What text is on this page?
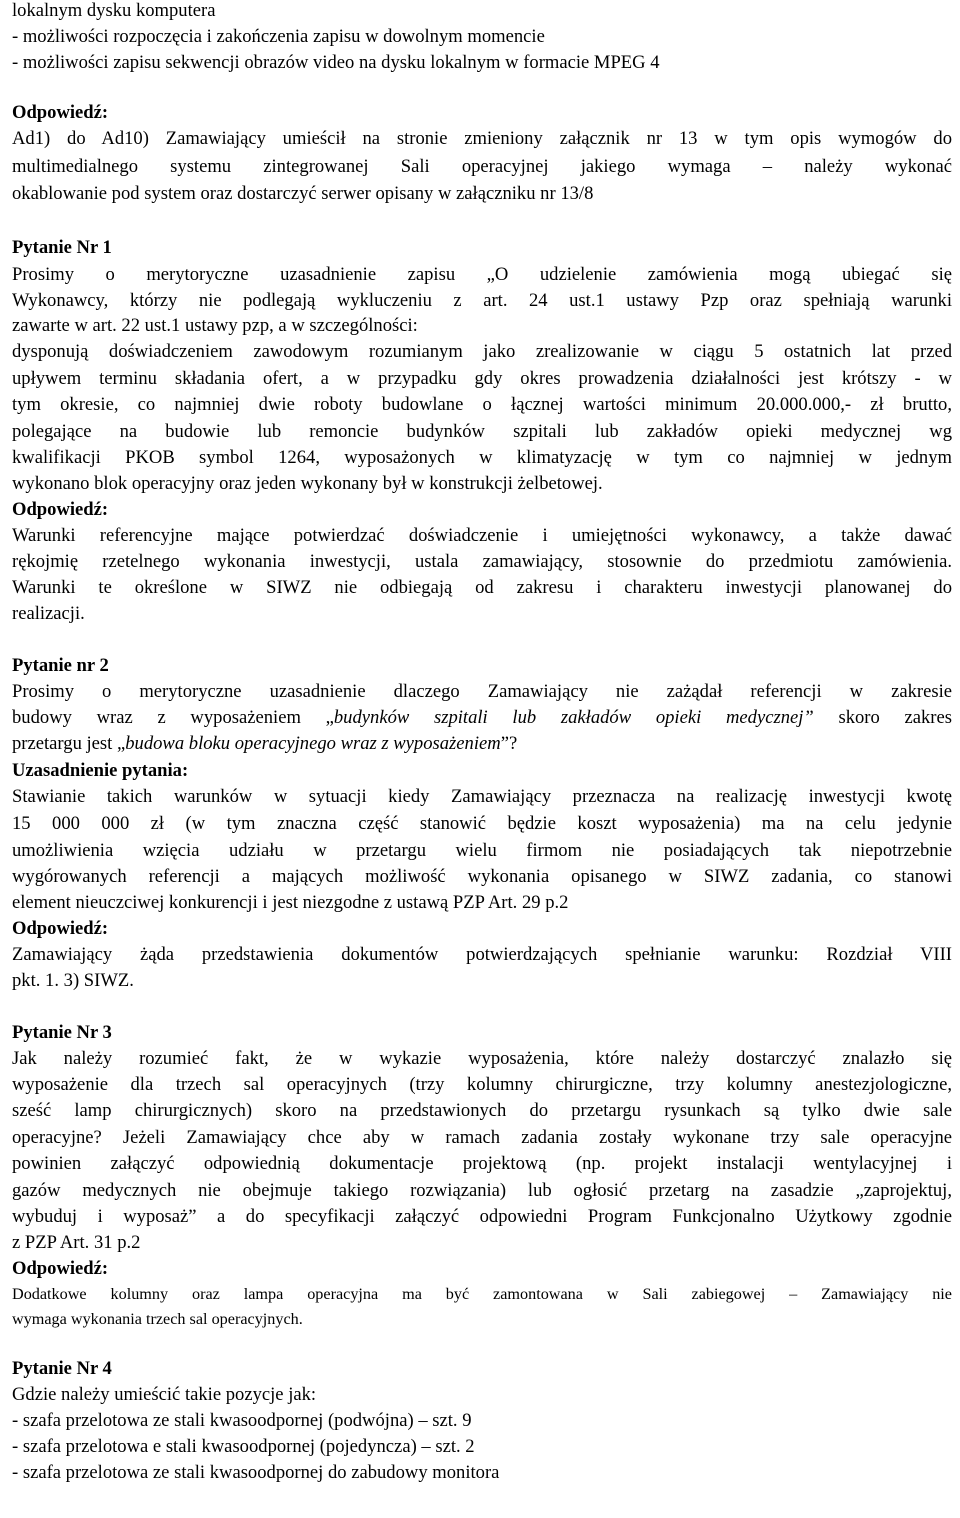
lokalnym dysku komputera
- możliwości rozpoczęcia i zakończenia zapisu w dowolnym momencie
- możliwości zapisu sekwencji obrazów video na dysku lokalnym w formacie MPEG 4
Odpowiedź:
Ad1) do Ad10) Zamawiający umieścił na stronie zmieniony załącznik nr 13 w tym opis wymogów do
multimedialnego systemu zintegrowanej Sali operacyjnej jakiego wymaga – należy wykonać
okablowanie pod system oraz dostarczyć serwer opisany w załączniku nr 13/8
Pytanie Nr 1
Prosimy o merytoryczne uzasadnienie zapisu „O udzielenie zamówienia mogą ubiegać się
Wykonawcy, którzy nie podlegają wykluczeniu z art. 24 ust.1 ustawy Pzp oraz spełniają warunki
zawarte w art. 22 ust.1 ustawy pzp, a w szczególności:
dysponują doświadczeniem zawodowym rozumianym jako zrealizowanie w ciągu 5 ostatnich lat przed
upływem terminu składania ofert, a w przypadku gdy okres prowadzenia działalności jest krótszy - w
tym okresie, co najmniej dwie roboty budowlane o łącznej wartości minimum 20.000.000,- zł brutto,
polegające na budowie lub remoncie budynków szpitali lub zakładów opieki medycznej wg
kwalifikacji PKOB symbol 1264, wyposażonych w klimatyzację w tym co najmniej w jednym
wykonano blok operacyjny oraz jeden wykonany był w konstrukcji żelbetowej.
Odpowiedź:
Warunki referencyjne mające potwierdzać doświadczenie i umiejętności wykonawcy, a także dawać
rękojmię rzetelnego wykonania inwestycji, ustala zamawiający, stosownie do przedmiotu zamówienia.
Warunki te określone w SIWZ nie odbiegają od zakresu i charakteru inwestycji planowanej do
realizacji.
Pytanie nr 2
Prosimy o merytoryczne uzasadnienie dlaczego Zamawiający nie zażądał referencji w zakresie
budowy wraz z wyposażeniem „budynków szpitali lub zakładów opieki medycznej” skoro zakres
przetargu jest „budowa bloku operacyjnego wraz z wyposażeniem”?
Uzasadnienie pytania:
Stawianie takich warunków w sytuacji kiedy Zamawiający przeznacza na realizację inwestycji kwotę
15 000 000 zł (w tym znaczna część stanowić będzie koszt wyposażenia) ma na celu jedynie
umożliwienia wzięcia udziału w przetargu wielu firmom nie posiadających tak niepotrzebnie
wygórowanych referencji a mających możliwość wykonania opisanego w SIWZ zadania, co stanowi
element nieuczciwej konkurencji i jest niezgodne z ustawą PZP Art. 29 p.2
Odpowiedź:
Zamawiający żąda przedstawienia dokumentów potwierdzających spełnianie warunku: Rozdział VIII
pkt. 1. 3) SIWZ.
Pytanie Nr 3
Jak należy rozumieć fakt, że w wykazie wyposażenia, które należy dostarczyć znalazło się
wyposażenie dla trzech sal operacyjnych (trzy kolumny chirurgiczne, trzy kolumny anestezjologiczne,
sześć lamp chirurgicznych) skoro na przedstawionych do przetargu rysunkach są tylko dwie sale
operacyjne? Jeżeli Zamawiający chce aby w ramach zadania zostały wykonane trzy sale operacyjne
powinien załączyć odpowiednią dokumentacje projektową (np. projekt instalacji wentylacyjnej i
gazów medycznych nie obejmuje takiego rozwiązania) lub ogłosić przetarg na zasadzie „zaprojektuj,
wybuduj i wyposaż” a do specyfikacji załączyć odpowiedni Program Funkcjonalno Użytkowy zgodnie
z PZP Art. 31 p.2
Odpowiedź:
Dodatkowe kolumny oraz lampa operacyjna ma być zamontowana w Sali zabiegowej – Zamawiający nie
wymaga wykonania trzech sal operacyjnych.
Pytanie Nr 4
Gdzie należy umieścić takie pozycje jak:
- szafa przelotowa ze stali kwasoodpornej (podwójna) – szt. 9
- szafa przelotowa e stali kwasoodpornej (pojedyncza) – szt. 2
- szafa przelotowa ze stali kwasoodpornej do zabudowy monitora
